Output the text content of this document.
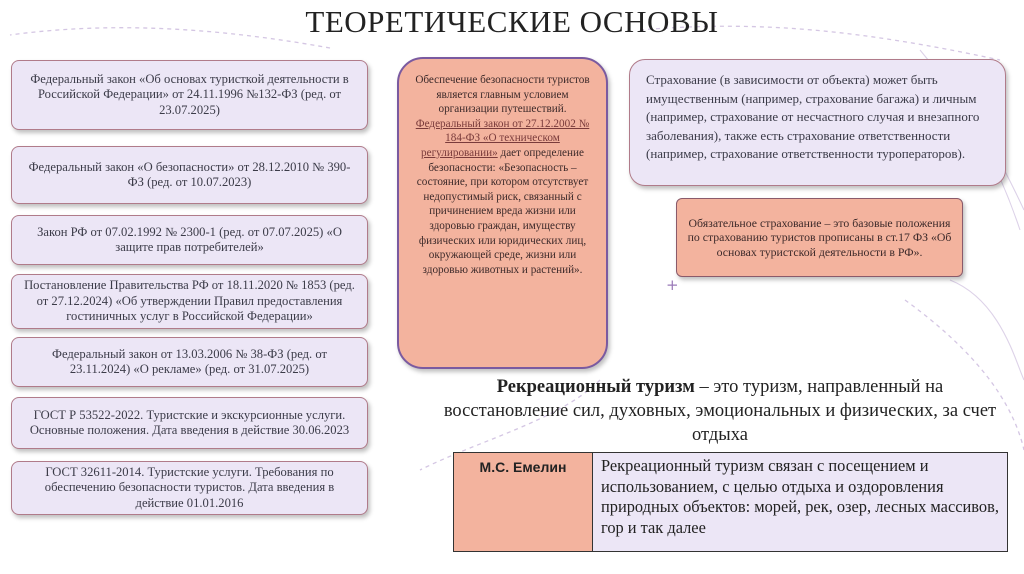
ТЕОРЕТИЧЕСКИЕ ОСНОВЫ
Федеральный закон «Об основах туристкой деятельности в Российской Федерации» от 24.11.1996 №132-ФЗ (ред. от 23.07.2025)
Федеральный закон «О безопасности» от 28.12.2010 № 390-ФЗ (ред. от 10.07.2023)
Закон РФ от 07.02.1992 № 2300-1 (ред. от 07.07.2025) «О защите прав потребителей»
Постановление Правительства РФ от 18.11.2020 № 1853 (ред. от 27.12.2024) «Об утверждении Правил предоставления гостиничных услуг в Российской Федерации»
Федеральный закон от 13.03.2006 № 38-ФЗ (ред. от 23.11.2024) «О рекламе» (ред. от 31.07.2025)
ГОСТ Р 53522-2022. Туристские и экскурсионные услуги. Основные положения. Дата введения в действие 30.06.2023
ГОСТ 32611-2014. Туристские услуги. Требования по обеспечению безопасности туристов. Дата введения в действие 01.01.2016
Обеспечение безопасности туристов является главным условием организации путешествий. Федеральный закон от 27.12.2002 № 184-ФЗ «О техническом регулировании» дает определение безопасности: «Безопасность – состояние, при котором отсутствует недопустимый риск, связанный с причинением вреда жизни или здоровью граждан, имуществу физических или юридических лиц, окружающей среде, жизни или здоровью животных и растений».
Страхование (в зависимости от объекта) может быть имущественным (например, страхование багажа) и личным (например, страхование от несчастного случая и внезапного заболевания), также есть страхование ответственности (например, страхование ответственности туроператоров).
Обязательное страхование – это базовые положения по страхованию туристов прописаны в ст.17 ФЗ «Об основах туристской деятельности в РФ».
+
Рекреационный туризм – это туризм, направленный на восстановление сил, духовных, эмоциональных и физических, за счет отдыха
М.С. Емелин	Рекреационный туризм связан с посещением и использованием, с целью отдыха и оздоровления природных объектов: морей, рек, озер, лесных массивов, гор и так далее
